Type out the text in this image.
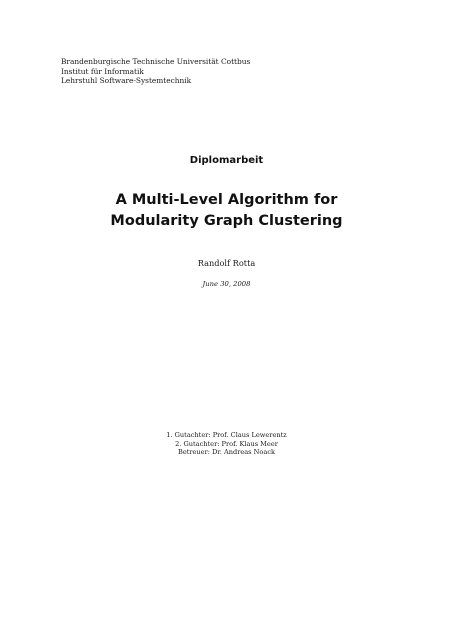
Brandenburgische Technische Universität Cottbus
Institut für Informatik
Lehrstuhl Software-Systemtechnik
Diplomarbeit
A Multi-Level Algorithm for
Modularity Graph Clustering
Randolf Rotta
June 30, 2008
1. Gutachter: Prof. Claus Lewerentz
2. Gutachter: Prof. Klaus Meer
Betreuer: Dr. Andreas Noack
